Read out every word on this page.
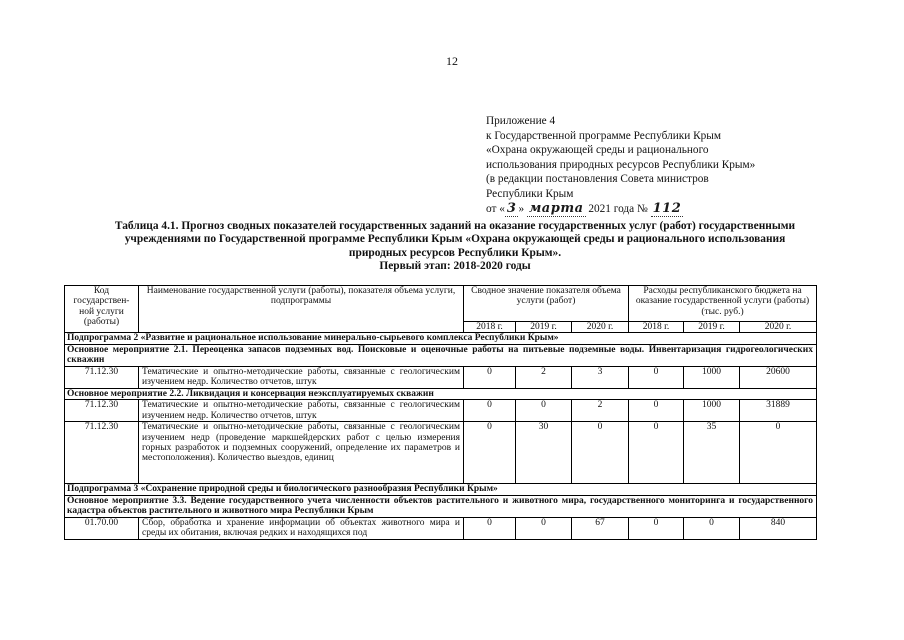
12
Приложение 4
к Государственной программе Республики Крым
«Охрана окружающей среды и рационального
использования природных ресурсов Республики Крым»
(в редакции постановления Совета министров
Республики Крым
от « 3 » марта 2021 года № 112
Таблица 4.1. Прогноз сводных показателей государственных заданий на оказание государственных услуг (работ) государственными
учреждениями по Государственной программе Республики Крым «Охрана окружающей среды и рационального использования
природных ресурсов Республики Крым».
Первый этап: 2018-2020 годы
Код государствен-ной услуги (работы)	Наименование государственной услуги (работы), показателя объема услуги, подпрограммы	Сводное значение показателя объема услуги (работ)			Расходы республиканского бюджета на оказание государственной услуги (работы) (тыс. руб.)		
		2018 г.	2019 г.	2020 г.	2018 г.	2019 г.	2020 г.
Подпрограмма 2 «Развитие и рациональное использование минерально-сырьевого комплекса Республики Крым»							
Основное мероприятие 2.1. Переоценка запасов подземных вод. Поисковые и оценочные работы на питьевые подземные воды. Инвентаризация гидрогеологических скважин							
71.12.30	Тематические и опытно-методические работы, связанные с геологическим изучением недр. Количество отчетов, штук	0	2	3	0	1000	20600
Основное мероприятие 2.2. Ликвидация и консервация неэксплуатируемых скважин							
71.12.30	Тематические и опытно-методические работы, связанные с геологическим изучением недр. Количество отчетов, штук	0	0	2	0	1000	31889
71.12.30	Тематические и опытно-методические работы, связанные с геологическим изучением недр (проведение маркшейдерских работ с целью измерения горных разработок и подземных сооружений, определение их параметров и местоположения). Количество выездов, единиц	0	30	0	0	35	0
Подпрограмма 3 «Сохранение природной среды и биологического разнообразия Республики Крым»							
Основное мероприятие 3.3. Ведение государственного учета численности объектов растительного и животного мира, государственного мониторинга и государственного кадастра объектов растительного и животного мира Республики Крым							
01.70.00	Сбор, обработка и хранение информации об объектах животного мира и среды их обитания, включая редких и находящихся под	0	0	67	0	0	840
